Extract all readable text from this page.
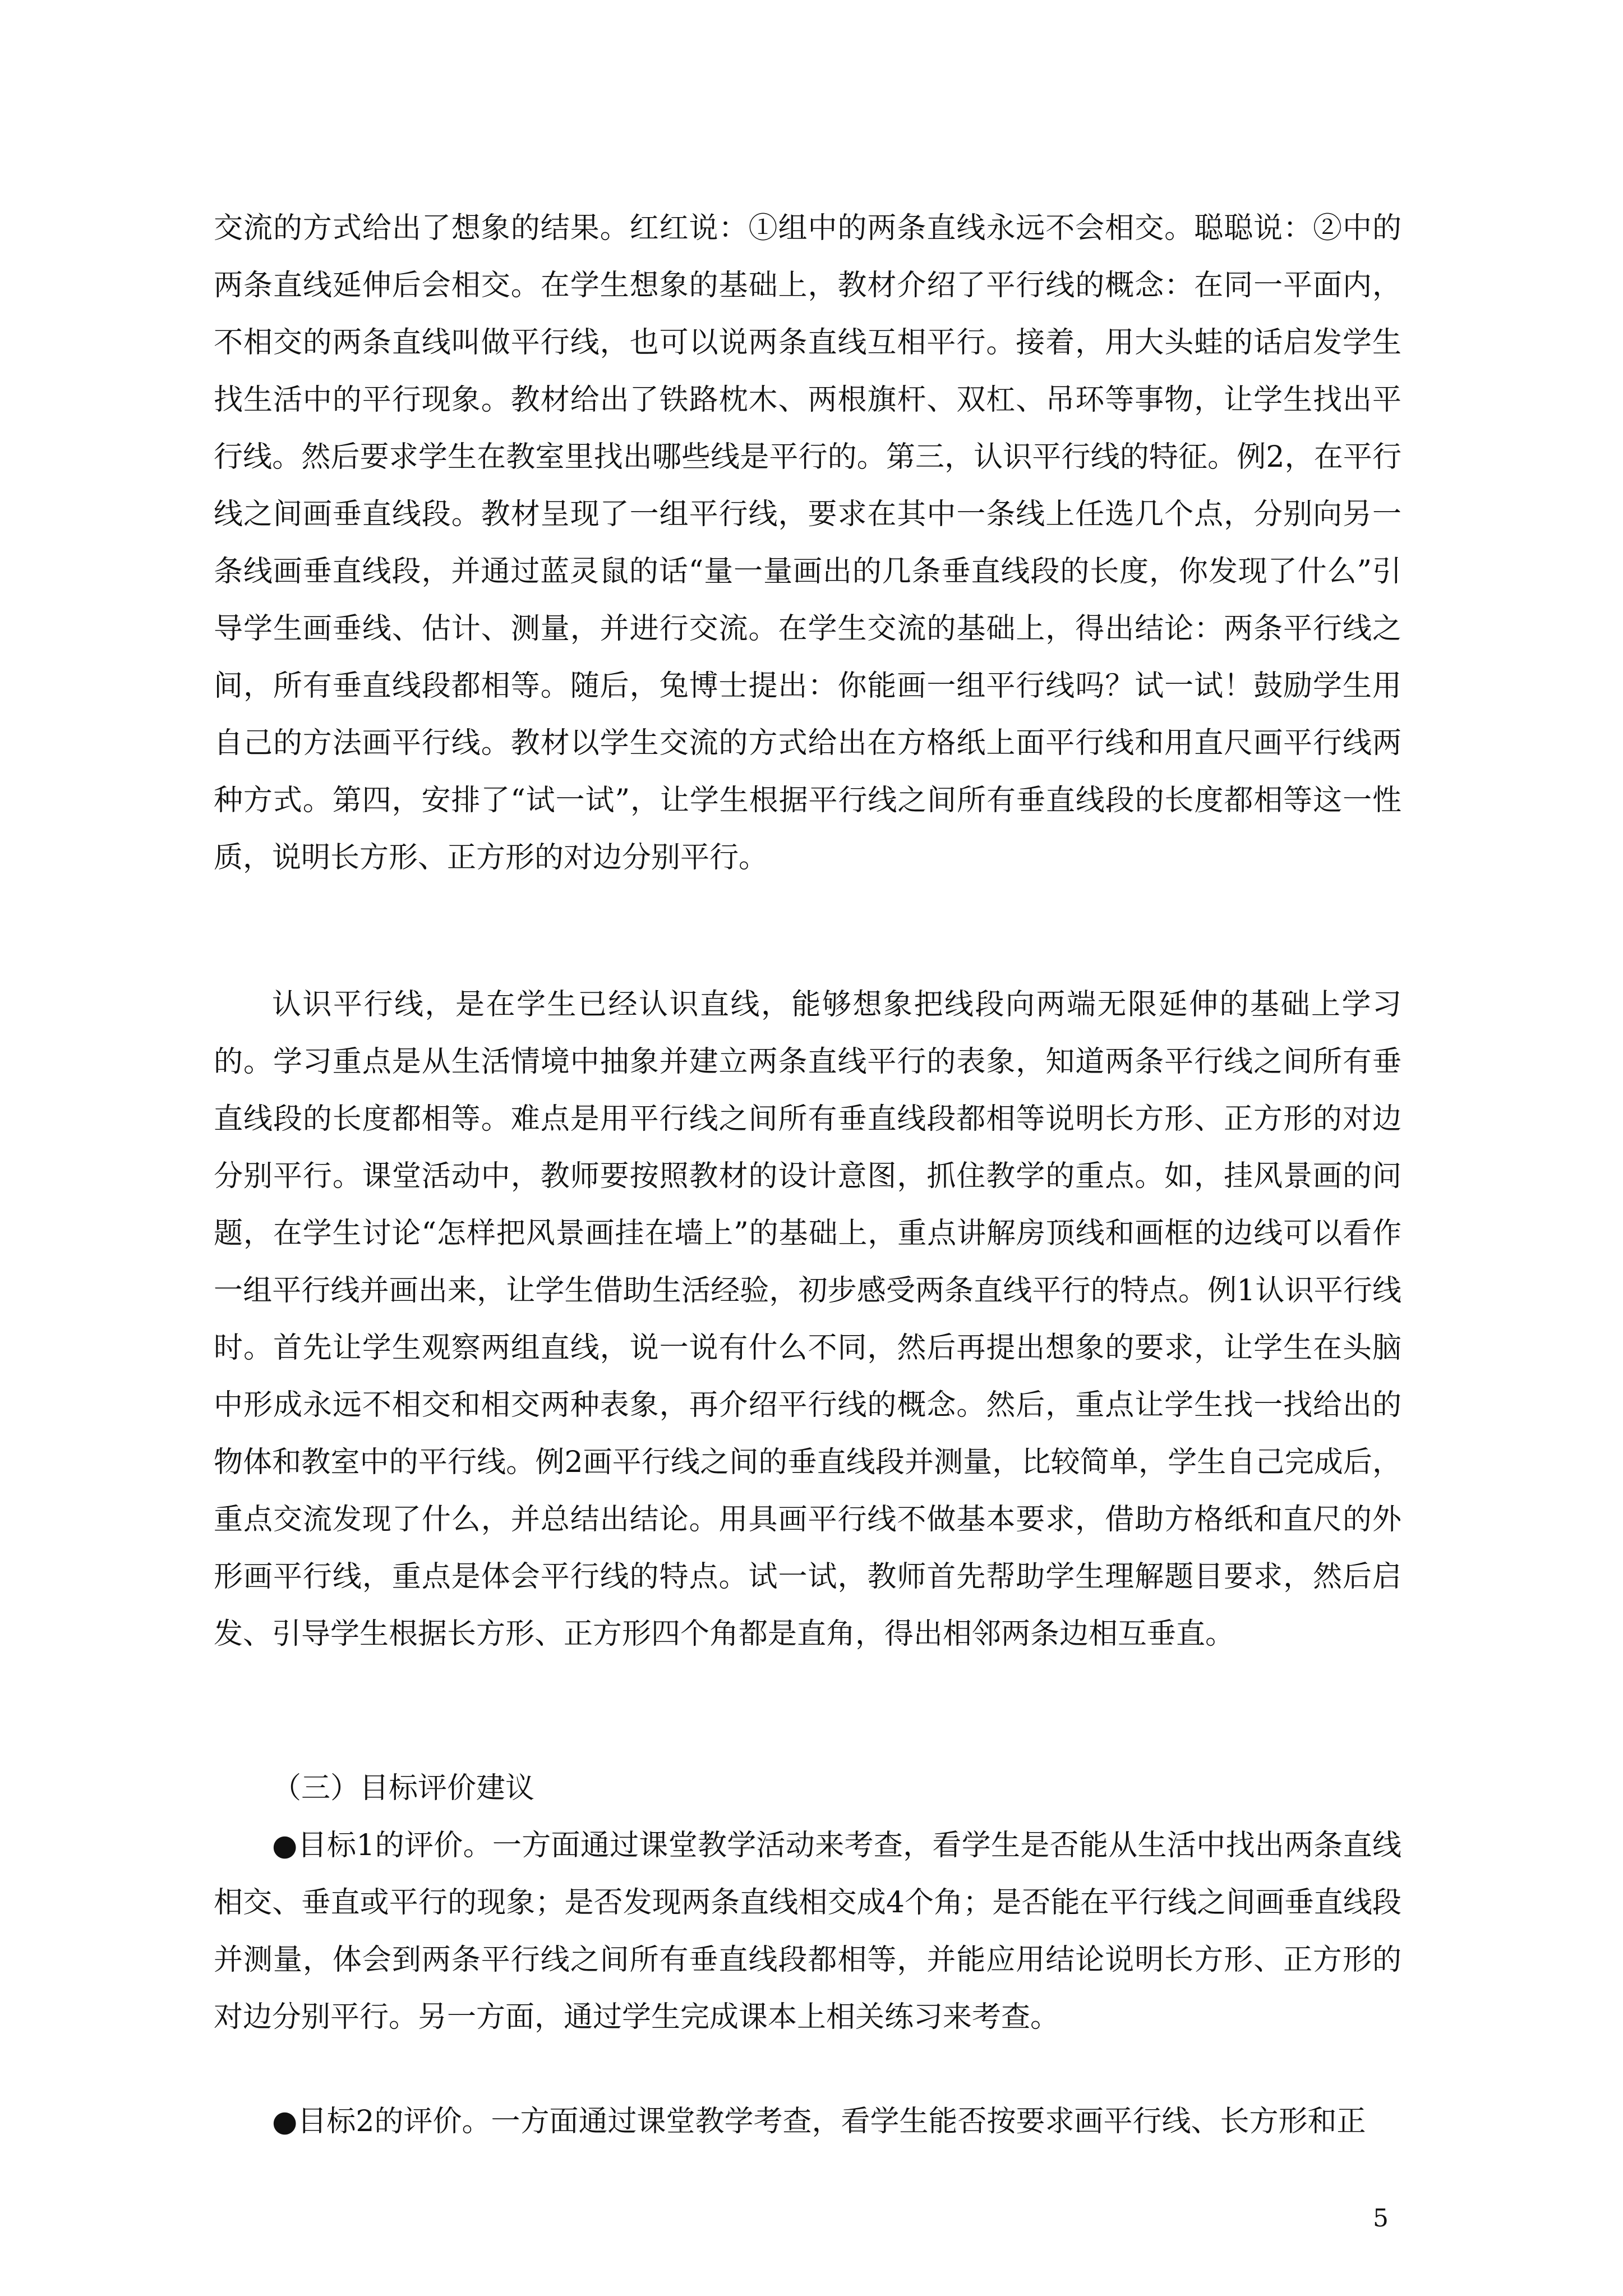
交流的方式给出了想象的结果。红红说：①组中的两条直线永远不会相交。聪聪说：②中的两条直线延伸后会相交。在学生想象的基础上，教材介绍了平行线的概念：在同一平面内，不相交的两条直线叫做平行线，也可以说两条直线互相平行。接着，用大头蛙的话启发学生找生活中的平行现象。教材给出了铁路枕木、两根旗杆、双杠、吊环等事物，让学生找出平行线。然后要求学生在教室里找出哪些线是平行的。第三，认识平行线的特征。例2，在平行线之间画垂直线段。教材呈现了一组平行线，要求在其中一条线上任选几个点，分别向另一条线画垂直线段，并通过蓝灵鼠的话“量一量画出的几条垂直线段的长度，你发现了什么”引导学生画垂线、估计、测量，并进行交流。在学生交流的基础上，得出结论：两条平行线之间，所有垂直线段都相等。随后，兔博士提出：你能画一组平行线吗？试一试！鼓励学生用自己的方法画平行线。教材以学生交流的方式给出在方格纸上面平行线和用直尺画平行线两种方式。第四，安排了“试一试”，让学生根据平行线之间所有垂直线段的长度都相等这一性质，说明长方形、正方形的对边分别平行。

认识平行线，是在学生已经认识直线，能够想象把线段向两端无限延伸的基础上学习的。学习重点是从生活情境中抽象并建立两条直线平行的表象，知道两条平行线之间所有垂直线段的长度都相等。难点是用平行线之间所有垂直线段都相等说明长方形、正方形的对边分别平行。课堂活动中，教师要按照教材的设计意图，抓住教学的重点。如，挂风景画的问题，在学生讨论“怎样把风景画挂在墙上”的基础上，重点讲解房顶线和画框的边线可以看作一组平行线并画出来，让学生借助生活经验，初步感受两条直线平行的特点。例1认识平行线时。首先让学生观察两组直线，说一说有什么不同，然后再提出想象的要求，让学生在头脑中形成永远不相交和相交两种表象，再介绍平行线的概念。然后，重点让学生找一找给出的物体和教室中的平行线。例2画平行线之间的垂直线段并测量，比较简单，学生自己完成后，重点交流发现了什么，并总结出结论。用具画平行线不做基本要求，借助方格纸和直尺的外形画平行线，重点是体会平行线的特点。试一试，教师首先帮助学生理解题目要求，然后启发、引导学生根据长方形、正方形四个角都是直角，得出相邻两条边相互垂直。

（三）目标评价建议

●目标1的评价。一方面通过课堂教学活动来考查，看学生是否能从生活中找出两条直线相交、垂直或平行的现象；是否发现两条直线相交成4个角；是否能在平行线之间画垂直线段并测量，体会到两条平行线之间所有垂直线段都相等，并能应用结论说明长方形、正方形的对边分别平行。另一方面，通过学生完成课本上相关练习来考查。

●目标2的评价。一方面通过课堂教学考查，看学生能否按要求画平行线、长方形和正

5
